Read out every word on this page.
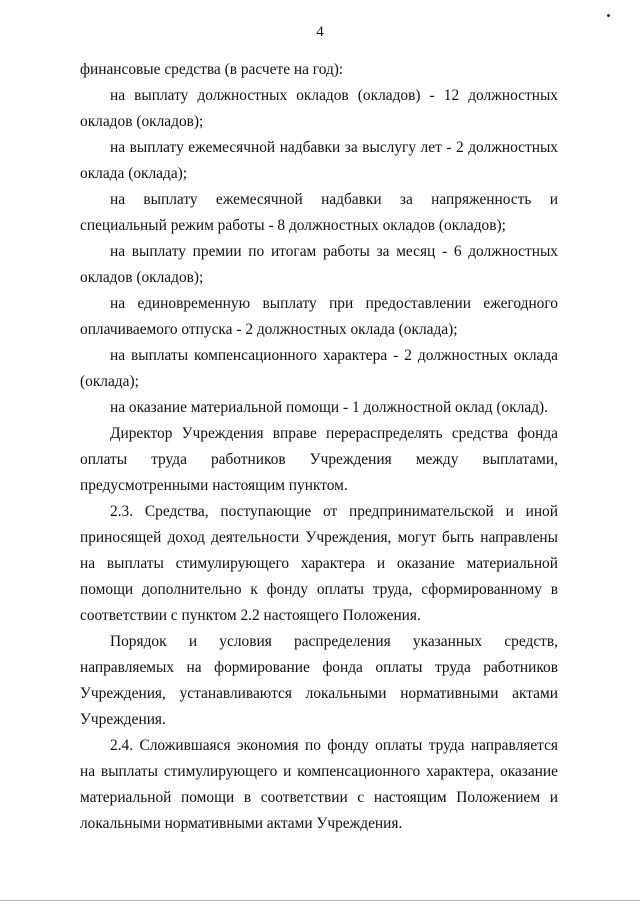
4

финансовые средства (в расчете на год):

на выплату должностных окладов (окладов) - 12 должностных окладов (окладов);

на выплату ежемесячной надбавки за выслугу лет - 2 должностных оклада (оклада);

на выплату ежемесячной надбавки за напряженность и специальный режим работы - 8 должностных окладов (окладов);

на выплату премии по итогам работы за месяц - 6 должностных окладов (окладов);

на единовременную выплату при предоставлении ежегодного оплачиваемого отпуска - 2 должностных оклада (оклада);

на выплаты компенсационного характера - 2 должностных оклада (оклада);

на оказание материальной помощи - 1 должностной оклад (оклад).

Директор Учреждения вправе перераспределять средства фонда оплаты труда работников Учреждения между выплатами, предусмотренными настоящим пунктом.

2.3. Средства, поступающие от предпринимательской и иной приносящей доход деятельности Учреждения, могут быть направлены на выплаты стимулирующего характера и оказание материальной помощи дополнительно к фонду оплаты труда, сформированному в соответствии с пунктом 2.2 настоящего Положения.

Порядок и условия распределения указанных средств, направляемых на формирование фонда оплаты труда работников Учреждения, устанавливаются локальными нормативными актами Учреждения.

2.4. Сложившаяся экономия по фонду оплаты труда направляется на выплаты стимулирующего и компенсационного характера, оказание материальной помощи в соответствии с настоящим Положением и локальными нормативными актами Учреждения.
